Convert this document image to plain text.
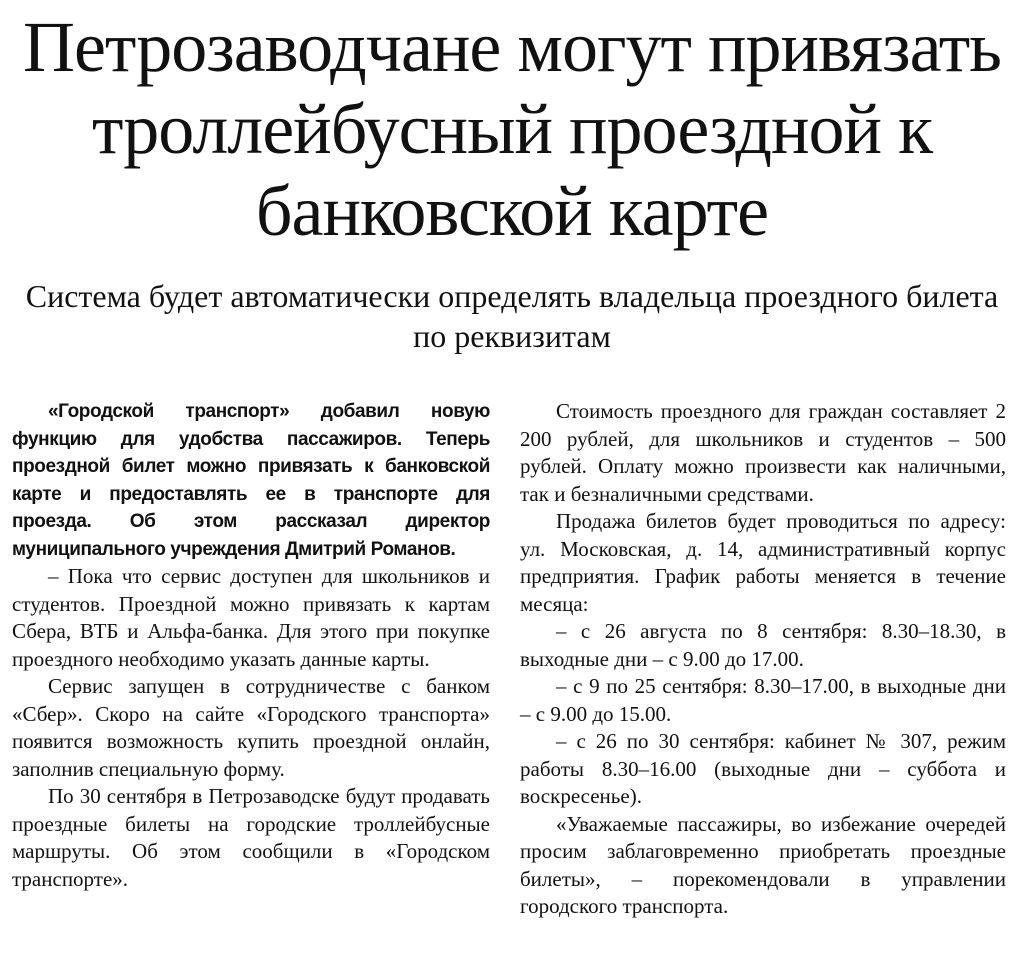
Петрозаводчане могут привязать троллейбусный проездной к банковской карте
Система будет автоматически определять владельца проездного билета по реквизитам

«Городской транспорт» добавил новую функцию для удобства пассажиров. Теперь проездной билет можно привязать к банковской карте и предоставлять ее в транспорте для проезда. Об этом рассказал директор муниципального учреждения Дмитрий Романов.

– Пока что сервис доступен для школьников и студентов. Проездной можно привязать к картам Сбера, ВТБ и Альфа-банка. Для этого при покупке проездного необходимо указать данные карты.

Сервис запущен в сотрудничестве с банком «Сбер». Скоро на сайте «Городского транспорта» появится возможность купить проездной онлайн, заполнив специальную форму.

По 30 сентября в Петрозаводске будут продавать проездные билеты на городские троллейбусные маршруты. Об этом сообщили в «Городском транспорте».

Стоимость проездного для граждан составляет 2 200 рублей, для школьников и студентов – 500 рублей. Оплату можно произвести как наличными, так и безналичными средствами.

Продажа билетов будет проводиться по адресу: ул. Московская, д. 14, административный корпус предприятия. График работы меняется в течение месяца:

– с 26 августа по 8 сентября: 8.30–18.30, в выходные дни – с 9.00 до 17.00.

– с 9 по 25 сентября: 8.30–17.00, в выходные дни – с 9.00 до 15.00.

– с 26 по 30 сентября: кабинет № 307, режим работы 8.30–16.00 (выходные дни – суббота и воскресенье).

«Уважаемые пассажиры, во избежание очередей просим заблаговременно приобретать проездные билеты», – порекомендовали в управлении городского транспорта.
